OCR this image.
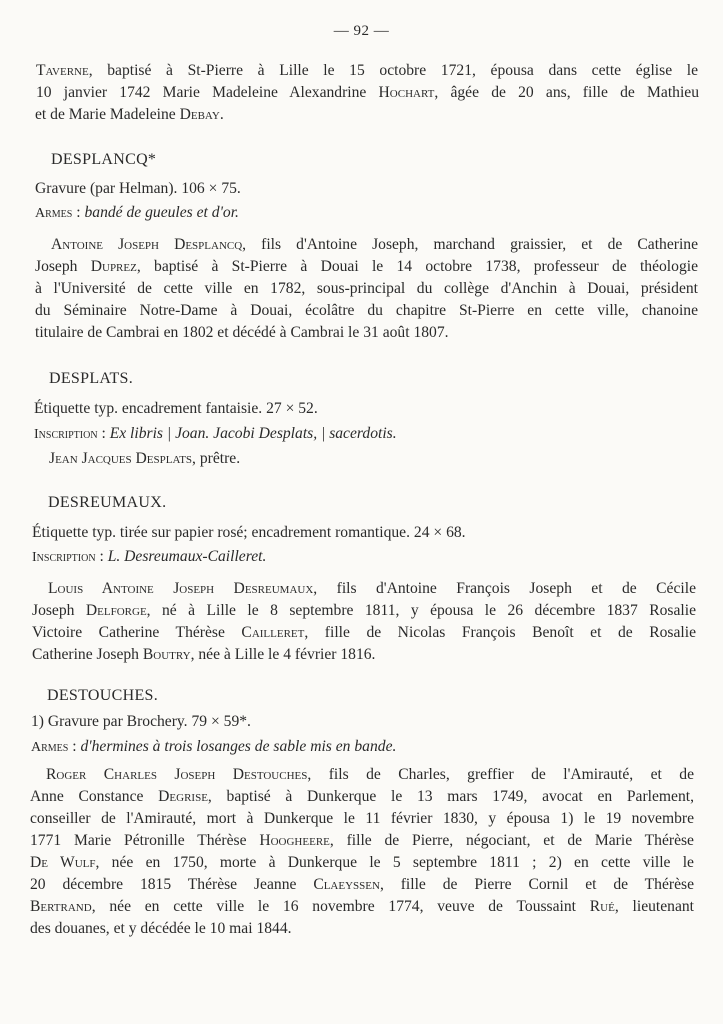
— 92 —
Taverne, baptisé à St-Pierre à Lille le 15 octobre 1721, épousa dans cette église le
10 janvier 1742 Marie Madeleine Alexandrine Hochart, âgée de 20 ans, fille de Mathieu
et de Marie Madeleine Debay.
DESPLANCQ*
Gravure (par Helman). 106 × 75.
Armes : bandé de gueules et d'or.
Antoine Joseph Desplancq, fils d'Antoine Joseph, marchand graissier, et de Catherine
Joseph Duprez, baptisé à St-Pierre à Douai le 14 octobre 1738, professeur de théologie
à l'Université de cette ville en 1782, sous-principal du collège d'Anchin à Douai, président
du Séminaire Notre-Dame à Douai, écolâtre du chapitre St-Pierre en cette ville, chanoine
titulaire de Cambrai en 1802 et décédé à Cambrai le 31 août 1807.
DESPLATS.
Étiquette typ. encadrement fantaisie. 27 × 52.
Inscription : Ex libris | Joan. Jacobi Desplats, | sacerdotis.
Jean Jacques Desplats, prêtre.
DESREUMAUX.
Étiquette typ. tirée sur papier rosé; encadrement romantique. 24 × 68.
Inscription : L. Desreumaux-Cailleret.
Louis Antoine Joseph Desreumaux, fils d'Antoine François Joseph et de Cécile
Joseph Delforge, né à Lille le 8 septembre 1811, y épousa le 26 décembre 1837 Rosalie
Victoire Catherine Thérèse Cailleret, fille de Nicolas François Benoît et de Rosalie
Catherine Joseph Boutry, née à Lille le 4 février 1816.
DESTOUCHES.
1) Gravure par Brochery. 79 × 59*.
Armes : d'hermines à trois losanges de sable mis en bande.
Roger Charles Joseph Destouches, fils de Charles, greffier de l'Amirauté, et de
Anne Constance Degrise, baptisé à Dunkerque le 13 mars 1749, avocat en Parlement,
conseiller de l'Amirauté, mort à Dunkerque le 11 février 1830, y épousa 1) le 19 novembre
1771 Marie Pétronille Thérèse Hoogheere, fille de Pierre, négociant, et de Marie Thérèse
De Wulf, née en 1750, morte à Dunkerque le 5 septembre 1811 ; 2) en cette ville le
20 décembre 1815 Thérèse Jeanne Claeyssen, fille de Pierre Cornil et de Thérèse
Bertrand, née en cette ville le 16 novembre 1774, veuve de Toussaint Rué, lieutenant
des douanes, et y décédée le 10 mai 1844.
